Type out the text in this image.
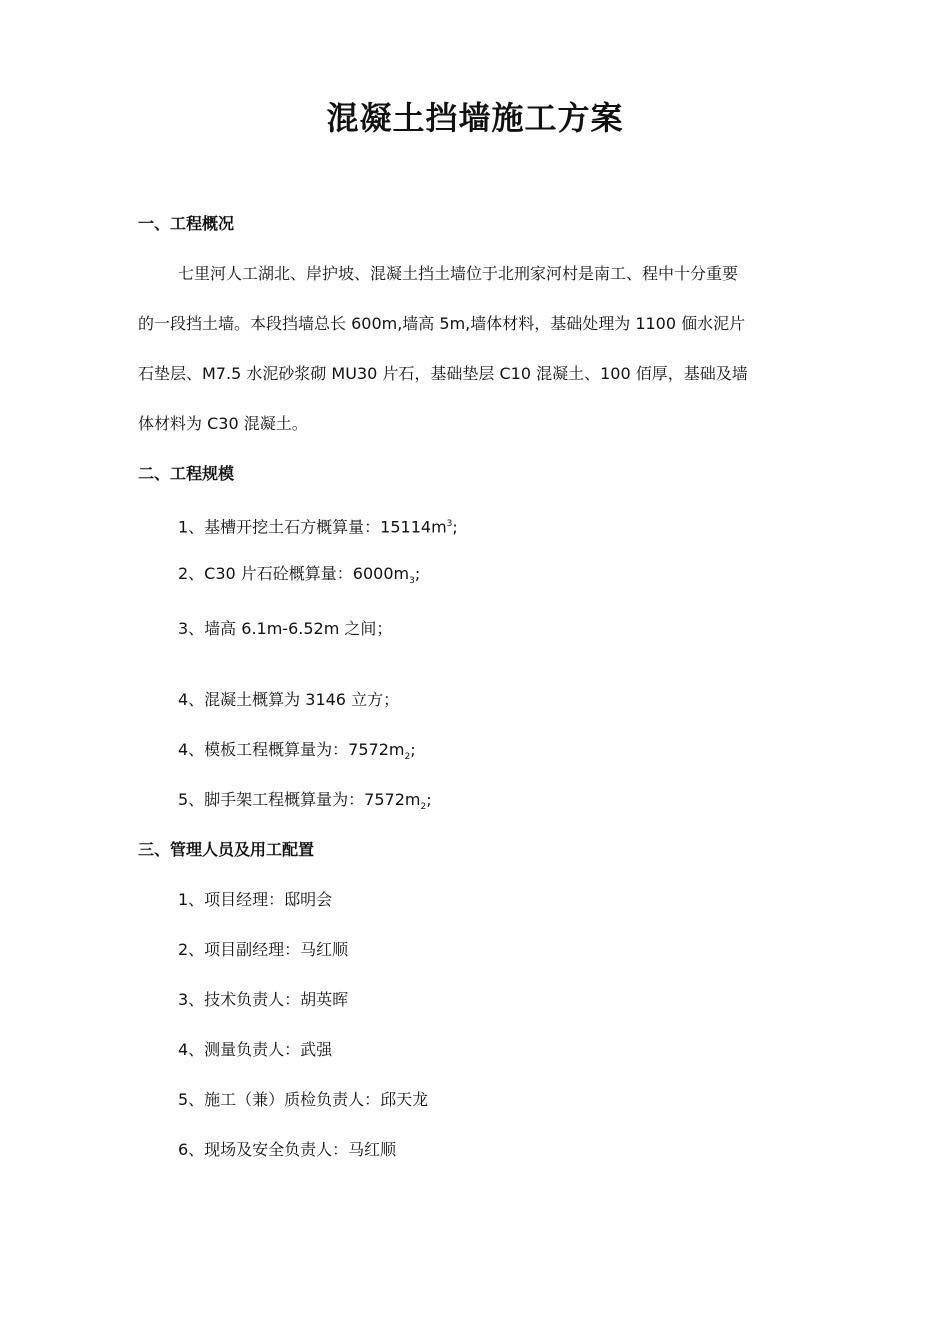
混凝土挡墙施工方案
一、工程概况
七里河人工湖北、岸护坡、混凝土挡土墙位于北刑家河村是南工、程中十分重要
的一段挡土墙。本段挡墙总长 600m,墙高 5m,墙体材料，基础处理为 1100 偭水泥片
石垫层、M7.5 水泥砂浆砌 MU30 片石，基础垫层 C10 混凝土、100 佰厚，基础及墙
体材料为 C30 混凝土。
二、工程规模
1、基槽开挖土石方概算量：$15114m^3$;
2、C30 片石砼概算量：$6000m_3$;
3、墙高 6.1m-6.52m 之间；
4、混凝土概算为 3146 立方；
4、模板工程概算量为：$7572m_2$;
5、脚手架工程概算量为：$7572m_2$;
三、管理人员及用工配置
1、项目经理：邸明会
2、项目副经理：马红顺
3、技术负责人：胡英晖
4、测量负责人：武强
5、施工（兼）质检负责人：邱天龙
6、现场及安全负责人：马红顺
